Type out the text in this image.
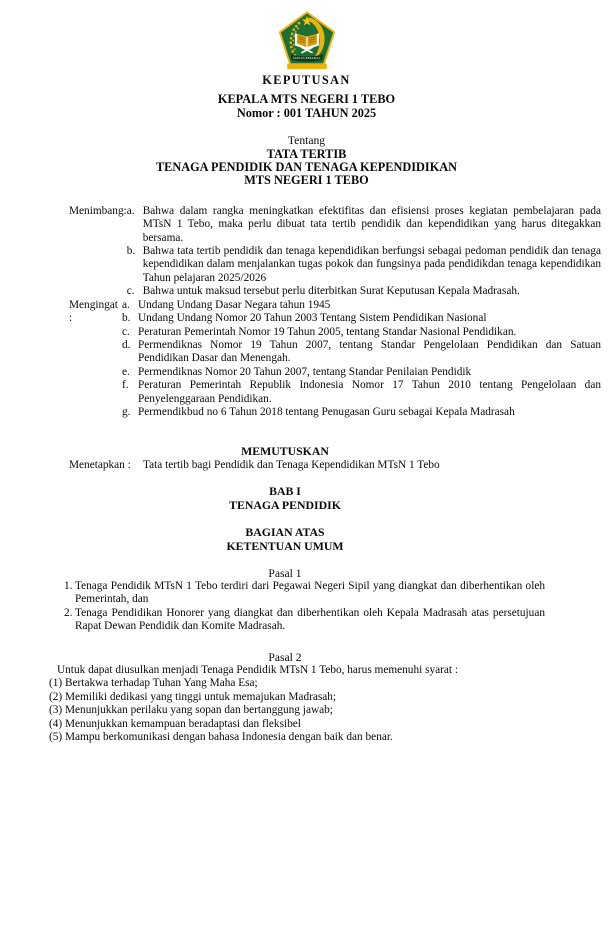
IKHLAS BERAMAL
KEPUTUSAN
KEPALA MTS NEGERI 1 TEBO
Nomor : 001 TAHUN 2025
Tentang
TATA TERTIB
TENAGA PENDIDIK DAN TENAGA KEPENDIDIKAN
MTS NEGERI 1 TEBO
Menimbang: a. Bahwa dalam rangka meningkatkan efektifitas dan efisiensi proses kegiatan pembelajaran pada MTsN 1 Tebo, maka perlu dibuat tata tertib pendidik dan kependidikan yang harus ditegakkan bersama.
b. Bahwa tata tertib pendidik dan tenaga kependidikan berfungsi sebagai pedoman pendidik dan tenaga kependidikan dalam menjalankan tugas pokok dan fungsinya pada pendidikdan tenaga kependidikan Tahun pelajaran 2025/2026
c. Bahwa untuk maksud tersebut perlu diterbitkan Surat Keputusan Kepala Madrasah.
Mengingat :
a. Undang Undang Dasar Negara tahun 1945
b. Undang Undang Nomor 20 Tahun 2003 Tentang Sistem Pendidikan Nasional
c. Peraturan Pemerintah Nomor 19 Tahun 2005, tentang Standar Nasional Pendidikan.
d. Permendiknas Nomor 19 Tahun 2007, tentang Standar Pengelolaan Pendidikan dan Satuan Pendidikan Dasar dan Menengah.
e. Permendiknas Nomor 20 Tahun 2007, tentang Standar Penilaian Pendidik
f. Peraturan Pemerintah Republik Indonesia Nomor 17 Tahun 2010 tentang Pengelolaan dan Penyelenggaraan Pendidikan.
g. Permendikbud no 6 Tahun 2018 tentang Penugasan Guru sebagai Kepala Madrasah
MEMUTUSKAN
Menetapkan :	Tata tertib bagi Pendidik dan Tenaga Kependidikan MTsN 1 Tebo
BAB I
TENAGA PENDIDIK
BAGIAN ATAS
KETENTUAN UMUM
Pasal 1
1. Tenaga Pendidik MTsN 1 Tebo terdiri dari Pegawai Negeri Sipil yang diangkat dan diberhentikan oleh Pemerintah, dan
2. Tenaga Pendidikan Honorer yang diangkat dan diberhentikan oleh Kepala Madrasah atas persetujuan Rapat Dewan Pendidik dan Komite Madrasah.
Pasal 2
Untuk dapat diusulkan menjadi Tenaga Pendidik MTsN 1 Tebo, harus memenuhi syarat :
(1) Bertakwa terhadap Tuhan Yang Maha Esa;
(2) Memiliki dedikasi yang tinggi untuk memajukan Madrasah;
(3) Menunjukkan perilaku yang sopan dan bertanggung jawab;
(4) Menunjukkan kemampuan beradaptasi dan fleksibel
(5) Mampu berkomunikasi dengan bahasa Indonesia dengan baik dan benar.
